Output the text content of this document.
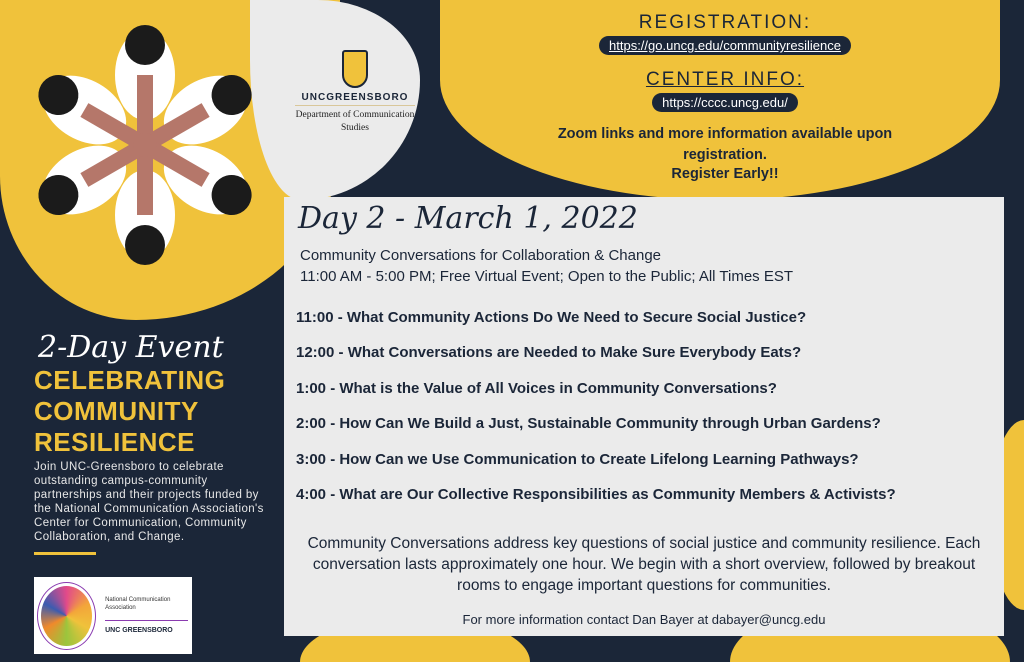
UNCGREENSBORO
Department of Communication Studies
REGISTRATION:
https://go.uncg.edu/communityresilience
CENTER INFO:
https://cccc.uncg.edu/
Zoom links and more information available upon registration.
Register Early!!
2-Day Event
CELEBRATING
COMMUNITY
RESILIENCE
Join UNC-Greensboro to celebrate outstanding campus-community partnerships and their projects funded by the National Communication Association's Center for Communication, Community Collaboration, and Change.
National Communication Association
UNC GREENSBORO
Day 2 - March 1, 2022
Community Conversations for Collaboration & Change
11:00 AM - 5:00 PM; Free Virtual Event; Open to the Public; All Times EST
11:00 - What Community Actions Do We Need to Secure Social Justice?
12:00 - What Conversations are Needed to Make Sure Everybody Eats?
1:00 - What is the Value of All Voices in Community Conversations?
2:00 - How Can We Build a Just, Sustainable Community through Urban Gardens?
3:00 - How Can we Use Communication to Create Lifelong Learning Pathways?
4:00 - What are Our Collective Responsibilities as Community Members & Activists?
Community Conversations address key questions of social justice and community resilience. Each conversation lasts approximately one hour. We begin with a short overview, followed by breakout rooms to engage important questions for communities.
For more information contact Dan Bayer at dabayer@uncg.edu
